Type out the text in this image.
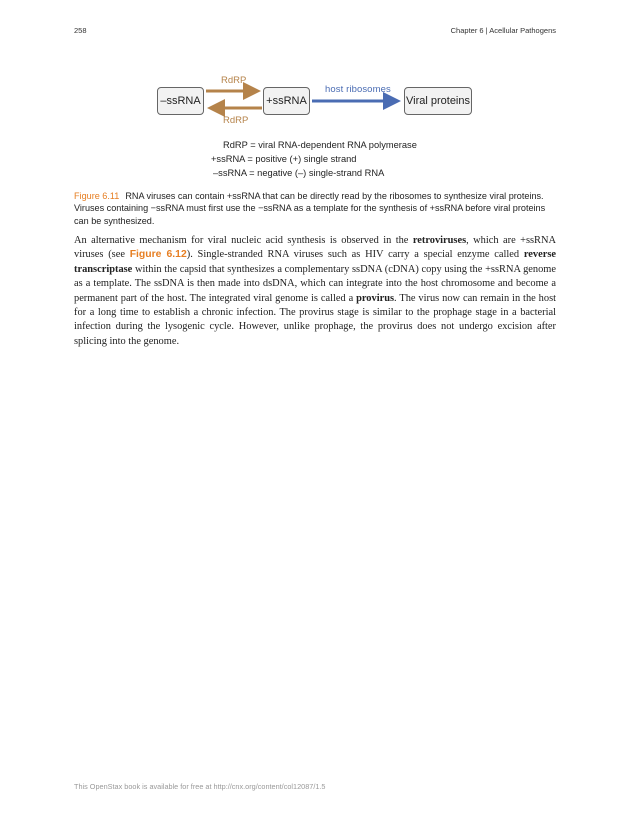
258	Chapter 6 | Acellular Pathogens
–ssRNA	+ssRNA	Viral proteins
RdRP
RdRP
host ribosomes
RdRP = viral RNA-dependent RNA polymerase
+ssRNA = positive (+) single strand
–ssRNA = negative (–) single-strand RNA
Figure 6.11 RNA viruses can contain +ssRNA that can be directly read by the ribosomes to synthesize viral proteins. Viruses containing −ssRNA must first use the −ssRNA as a template for the synthesis of +ssRNA before viral proteins can be synthesized.
An alternative mechanism for viral nucleic acid synthesis is observed in the retroviruses, which are +ssRNA viruses (see Figure 6.12). Single-stranded RNA viruses such as HIV carry a special enzyme called reverse transcriptase within the capsid that synthesizes a complementary ssDNA (cDNA) copy using the +ssRNA genome as a template. The ssDNA is then made into dsDNA, which can integrate into the host chromosome and become a permanent part of the host. The integrated viral genome is called a provirus. The virus now can remain in the host for a long time to establish a chronic infection. The provirus stage is similar to the prophage stage in a bacterial infection during the lysogenic cycle. However, unlike prophage, the provirus does not undergo excision after splicing into the genome.
This OpenStax book is available for free at http://cnx.org/content/col12087/1.5
